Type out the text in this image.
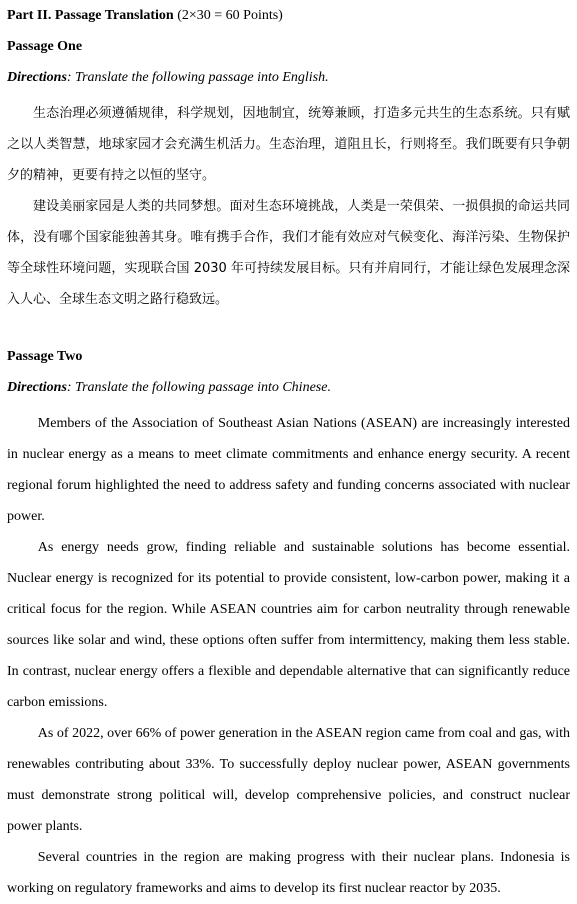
Part II. Passage Translation (2×30 = 60 Points)
Passage One
Directions: Translate the following passage into English.

生态治理必须遵循规律，科学规划，因地制宜，统筹兼顾，打造多元共生的生态系统。只有赋之以人类智慧，地球家园才会充满生机活力。生态治理，道阻且长，行则将至。我们既要有只争朝夕的精神，更要有持之以恒的坚守。

建设美丽家园是人类的共同梦想。面对生态环境挑战，人类是一荣俱荣、一损俱损的命运共同体，没有哪个国家能独善其身。唯有携手合作，我们才能有效应对气候变化、海洋污染、生物保护等全球性环境问题，实现联合国 2030 年可持续发展目标。只有并肩同行，才能让绿色发展理念深入人心、全球生态文明之路行稳致远。

Passage Two
Directions: Translate the following passage into Chinese.

Members of the Association of Southeast Asian Nations (ASEAN) are increasingly interested in nuclear energy as a means to meet climate commitments and enhance energy security. A recent regional forum highlighted the need to address safety and funding concerns associated with nuclear power.

As energy needs grow, finding reliable and sustainable solutions has become essential. Nuclear energy is recognized for its potential to provide consistent, low-carbon power, making it a critical focus for the region. While ASEAN countries aim for carbon neutrality through renewable sources like solar and wind, these options often suffer from intermittency, making them less stable. In contrast, nuclear energy offers a flexible and dependable alternative that can significantly reduce carbon emissions.

As of 2022, over 66% of power generation in the ASEAN region came from coal and gas, with renewables contributing about 33%. To successfully deploy nuclear power, ASEAN governments must demonstrate strong political will, develop comprehensive policies, and construct nuclear power plants.

Several countries in the region are making progress with their nuclear plans. Indonesia is working on regulatory frameworks and aims to develop its first nuclear reactor by 2035.
